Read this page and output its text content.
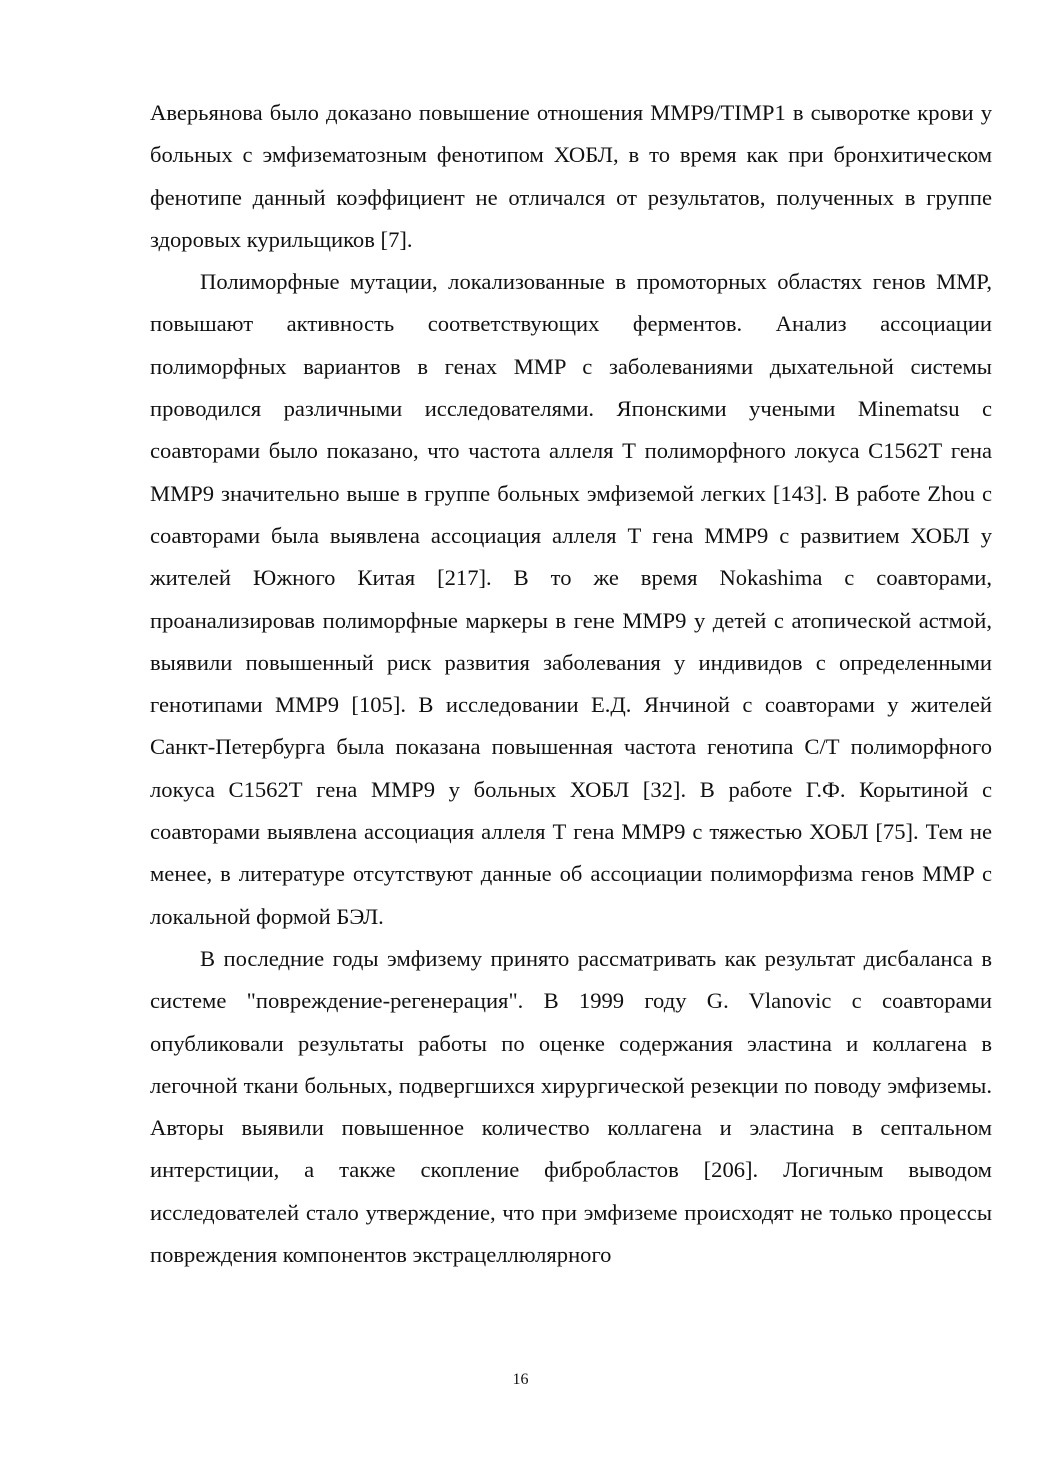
Аверьянова было доказано повышение отношения MMP9/TIMP1 в сыворотке крови у больных с эмфизематозным фенотипом ХОБЛ, в то время как при бронхитическом фенотипе данный коэффициент не отличался от результатов, полученных в группе здоровых курильщиков [7].

Полиморфные мутации, локализованные в промоторных областях генов MMP, повышают активность соответствующих ферментов. Анализ ассоциации полиморфных вариантов в генах MMP с заболеваниями дыхательной системы проводился различными исследователями. Японскими учеными Minematsu с соавторами было показано, что частота аллеля Т полиморфного локуса С1562Т гена MMP9 значительно выше в группе больных эмфиземой легких [143]. В работе Zhou с соавторами была выявлена ассоциация аллеля Т гена MMP9 с развитием ХОБЛ у жителей Южного Китая [217]. В то же время Nokashima с соавторами, проанализировав полиморфные маркеры в гене MMP9 у детей с атопической астмой, выявили повышенный риск развития заболевания у индивидов с определенными генотипами MMP9 [105]. В исследовании Е.Д. Янчиной с соавторами у жителей Санкт-Петербурга была показана повышенная частота генотипа С/Т полиморфного локуса С1562Т гена MMP9 у больных ХОБЛ [32]. В работе Г.Ф. Корытиной с соавторами выявлена ассоциация аллеля Т гена MMP9 с тяжестью ХОБЛ [75]. Тем не менее, в литературе отсутствуют данные об ассоциации полиморфизма генов MMP с локальной формой БЭЛ.

В последние годы эмфизему принято рассматривать как результат дисбаланса в системе "повреждение-регенерация". В 1999 году G. Vlanovic с соавторами опубликовали результаты работы по оценке содержания эластина и коллагена в легочной ткани больных, подвергшихся хирургической резекции по поводу эмфиземы. Авторы выявили повышенное количество коллагена и эластина в септальном интерстиции, а также скопление фибробластов [206]. Логичным выводом исследователей стало утверждение, что при эмфиземе происходят не только процессы повреждения компонентов экстрацеллюлярного

16
